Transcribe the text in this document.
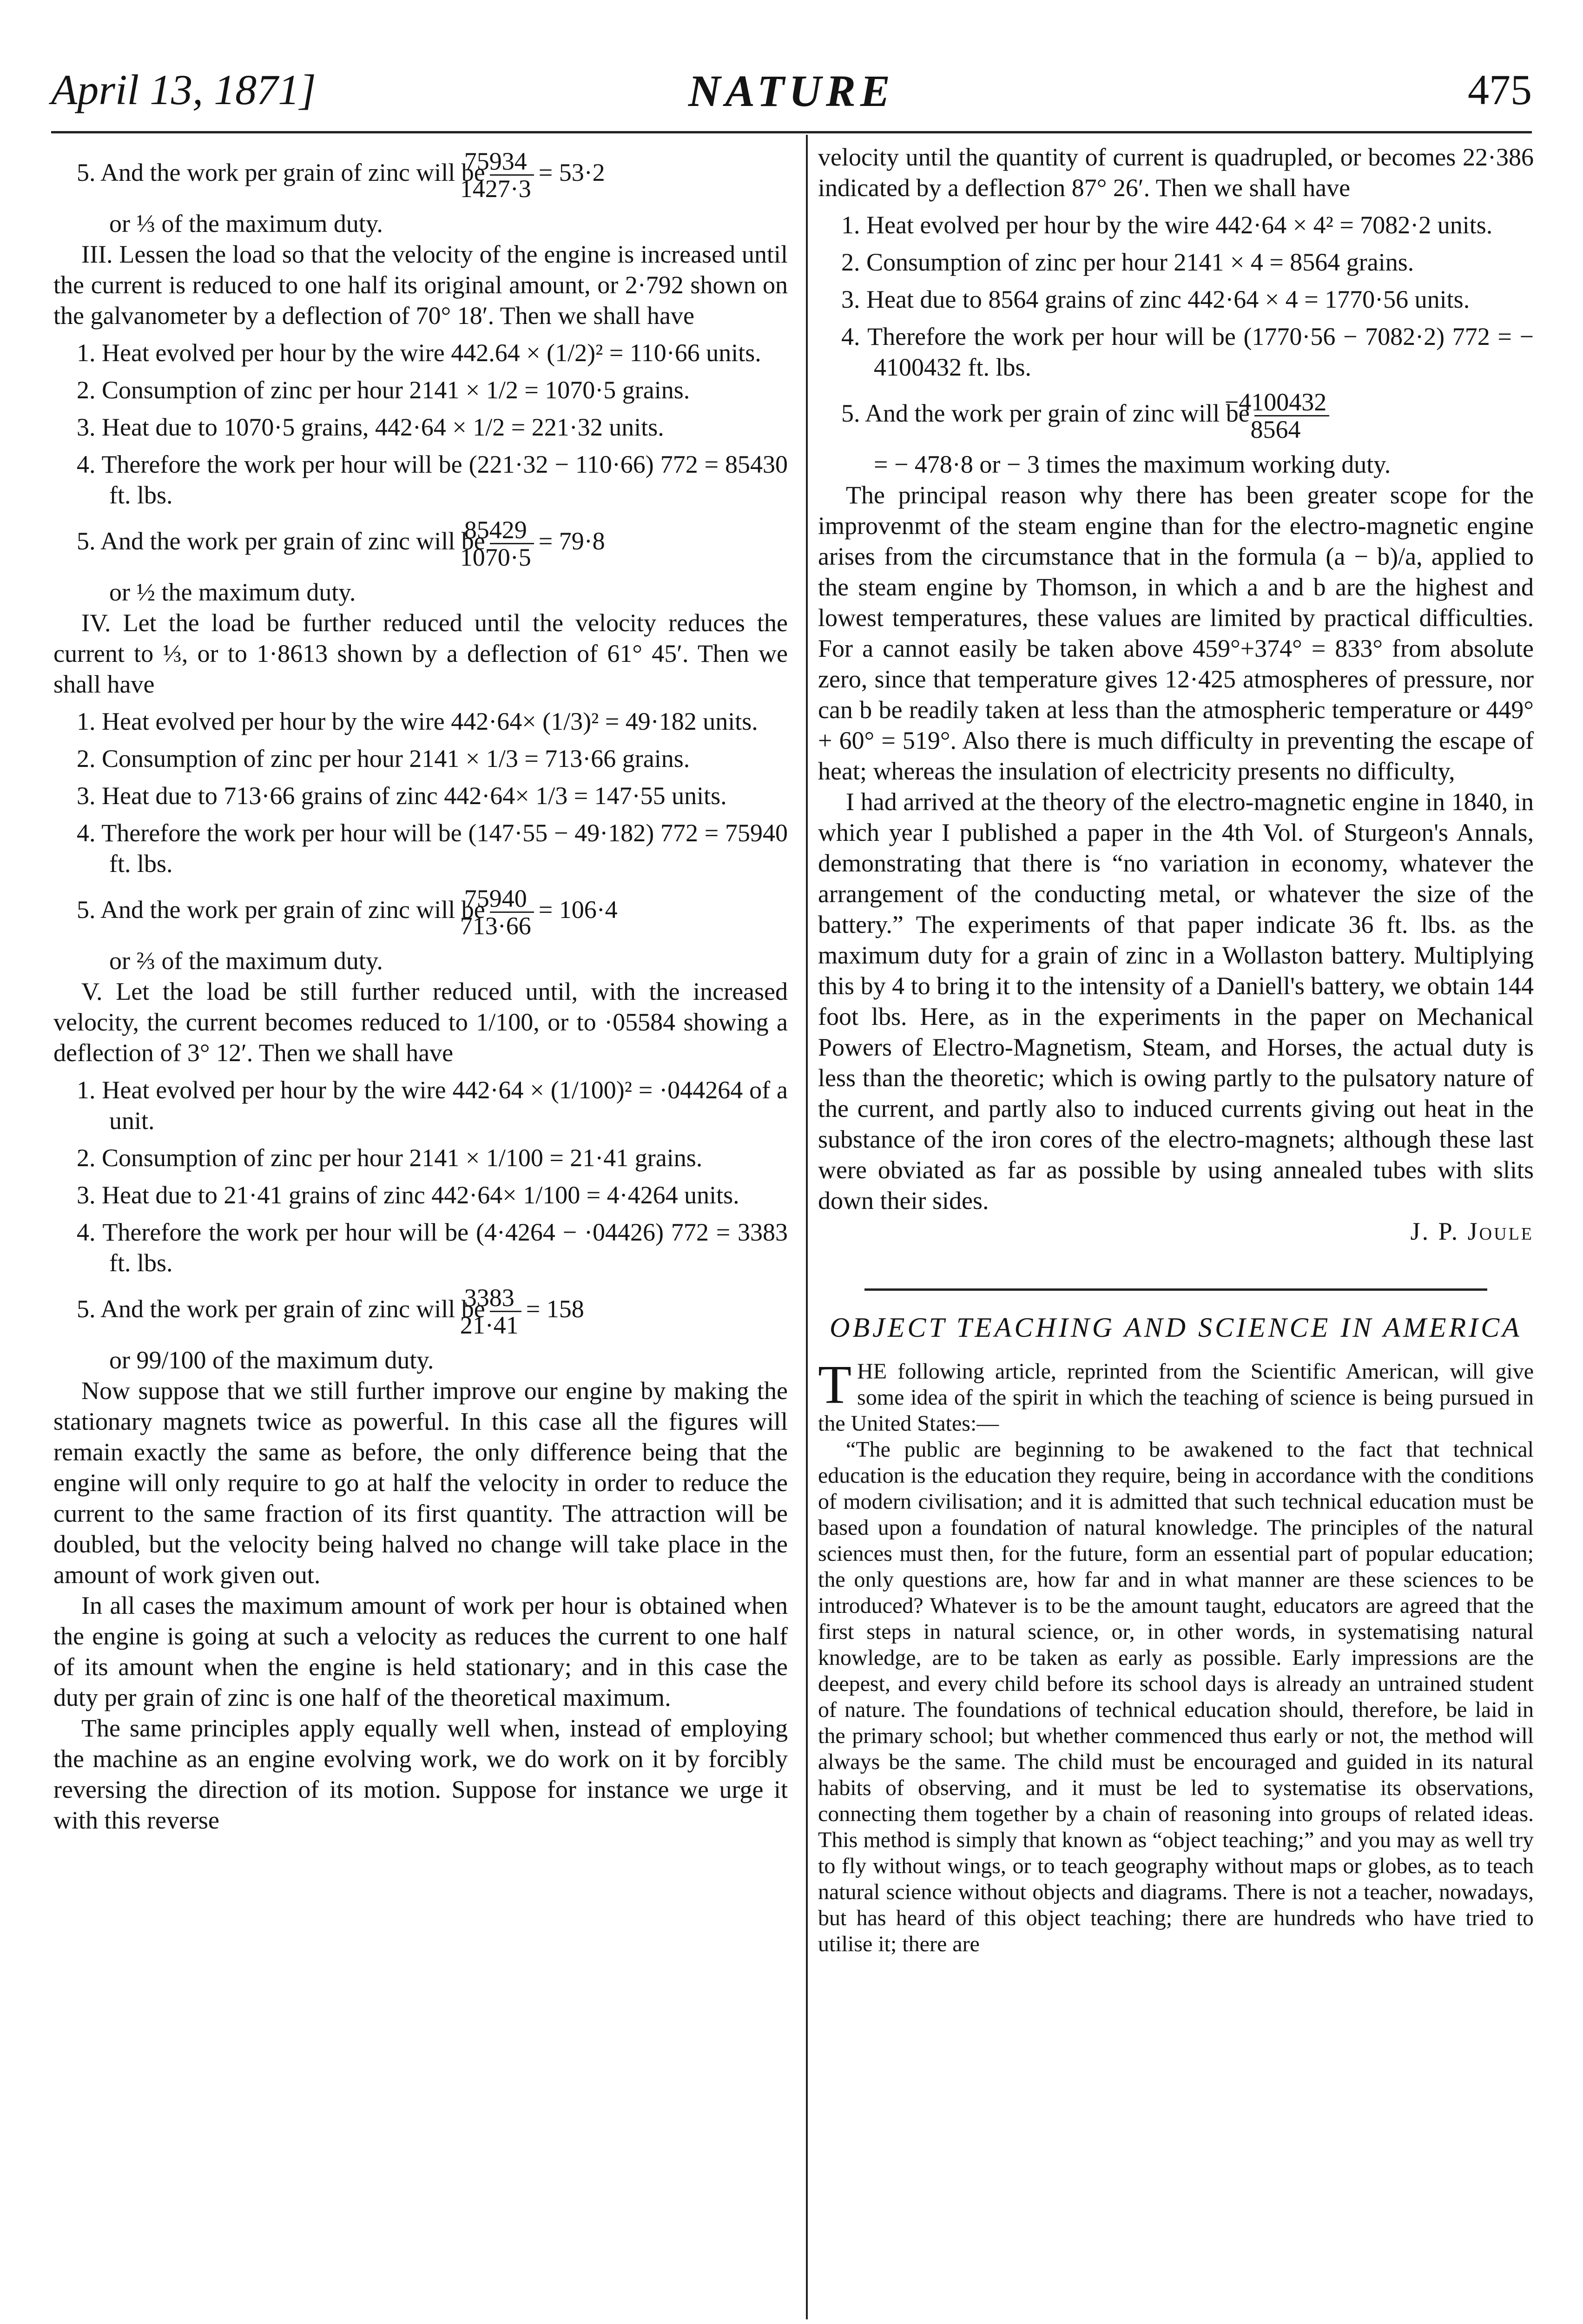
April 13, 1871]	NATURE	475

5. And the work per grain of zinc will be $\frac{75934}{1427\cdot 3} = 53\cdot 2$

or ⅓ of the maximum duty.

III. Lessen the load so that the velocity of the engine is increased until the current is reduced to one half its original amount, or 2·792 shown on the galvanometer by a deflection of 70° 18′. Then we shall have

1. Heat evolved per hour by the wire 442.64 × (1/2)² = 110·66 units.

2. Consumption of zinc per hour 2141 × 1/2 = 1070·5 grains.

3. Heat due to 1070·5 grains, 442·64 × 1/2 = 221·32 units.

4. Therefore the work per hour will be (221·32 − 110·66) 772 = 85430 ft. lbs.

5. And the work per grain of zinc will be $\frac{85429}{1070\cdot 5} = 79\cdot 8$

or ½ the maximum duty.

IV. Let the load be further reduced until the velocity reduces the current to ⅓, or to 1·8613 shown by a deflection of 61° 45′. Then we shall have

1. Heat evolved per hour by the wire 442·64× (1/3)² = 49·182 units.

2. Consumption of zinc per hour 2141 × 1/3 = 713·66 grains.

3. Heat due to 713·66 grains of zinc 442·64× 1/3 = 147·55 units.

4. Therefore the work per hour will be (147·55 − 49·182) 772 = 75940 ft. lbs.

5. And the work per grain of zinc will be $\frac{75940}{713\cdot 66} = 106\cdot 4$

or ⅔ of the maximum duty.

V. Let the load be still further reduced until, with the increased velocity, the current becomes reduced to 1/100, or to ·05584 showing a deflection of 3° 12′. Then we shall have

1. Heat evolved per hour by the wire 442·64 × (1/100)² = ·044264 of a unit.

2. Consumption of zinc per hour 2141 × 1/100 = 21·41 grains.

3. Heat due to 21·41 grains of zinc 442·64× 1/100 = 4·4264 units.

4. Therefore the work per hour will be (4·4264 − ·04426) 772 = 3383 ft. lbs.

5. And the work per grain of zinc will be $\frac{3383}{21\cdot 41} = 158$

or 99/100 of the maximum duty.

Now suppose that we still further improve our engine by making the stationary magnets twice as powerful. In this case all the figures will remain exactly the same as before, the only difference being that the engine will only require to go at half the velocity in order to reduce the current to the same fraction of its first quantity. The attraction will be doubled, but the velocity being halved no change will take place in the amount of work given out.

In all cases the maximum amount of work per hour is obtained when the engine is going at such a velocity as reduces the current to one half of its amount when the engine is held stationary; and in this case the duty per grain of zinc is one half of the theoretical maximum.

The same principles apply equally well when, instead of employing the machine as an engine evolving work, we do work on it by forcibly reversing the direction of its motion. Suppose for instance we urge it with this reverse

velocity until the quantity of current is quadrupled, or becomes 22·386 indicated by a deflection 87° 26′. Then we shall have

1. Heat evolved per hour by the wire 442·64 × 4² = 7082·2 units.

2. Consumption of zinc per hour 2141 × 4 = 8564 grains.

3. Heat due to 8564 grains of zinc 442·64 × 4 = 1770·56 units.

4. Therefore the work per hour will be (1770·56 − 7082·2) 772 = − 4100432 ft. lbs.

5. And the work per grain of zinc will be $\frac{-4100432}{8564}$

= − 478·8 or − 3 times the maximum working duty.

The principal reason why there has been greater scope for the improvenmt of the steam engine than for the electro-magnetic engine arises from the circumstance that in the formula (a − b)/a, applied to the steam engine by Thomson, in which a and b are the highest and lowest temperatures, these values are limited by practical difficulties. For a cannot easily be taken above 459°+374° = 833° from absolute zero, since that temperature gives 12·425 atmospheres of pressure, nor can b be readily taken at less than the atmospheric temperature or 449° + 60° = 519°. Also there is much difficulty in preventing the escape of heat; whereas the insulation of electricity presents no difficulty,

I had arrived at the theory of the electro-magnetic engine in 1840, in which year I published a paper in the 4th Vol. of Sturgeon's Annals, demonstrating that there is “no variation in economy, whatever the arrangement of the conducting metal, or whatever the size of the battery.” The experiments of that paper indicate 36 ft. lbs. as the maximum duty for a grain of zinc in a Wollaston battery. Multiplying this by 4 to bring it to the intensity of a Daniell's battery, we obtain 144 foot lbs. Here, as in the experiments in the paper on Mechanical Powers of Electro-Magnetism, Steam, and Horses, the actual duty is less than the theoretic; which is owing partly to the pulsatory nature of the current, and partly also to induced currents giving out heat in the substance of the iron cores of the electro-magnets; although these last were obviated as far as possible by using annealed tubes with slits down their sides.

J. P. Joule

OBJECT TEACHING AND SCIENCE IN AMERICA

THE following article, reprinted from the Scientific American, will give some idea of the spirit in which the teaching of science is being pursued in the United States:—

“The public are beginning to be awakened to the fact that technical education is the education they require, being in accordance with the conditions of modern civilisation; and it is admitted that such technical education must be based upon a foundation of natural knowledge. The principles of the natural sciences must then, for the future, form an essential part of popular education; the only questions are, how far and in what manner are these sciences to be introduced? Whatever is to be the amount taught, educators are agreed that the first steps in natural science, or, in other words, in systematising natural knowledge, are to be taken as early as possible. Early impressions are the deepest, and every child before its school days is already an untrained student of nature. The foundations of technical education should, therefore, be laid in the primary school; but whether commenced thus early or not, the method will always be the same. The child must be encouraged and guided in its natural habits of observing, and it must be led to systematise its observations, connecting them together by a chain of reasoning into groups of related ideas. This method is simply that known as “object teaching;” and you may as well try to fly without wings, or to teach geography without maps or globes, as to teach natural science without objects and diagrams. There is not a teacher, nowadays, but has heard of this object teaching; there are hundreds who have tried to utilise it; there are
